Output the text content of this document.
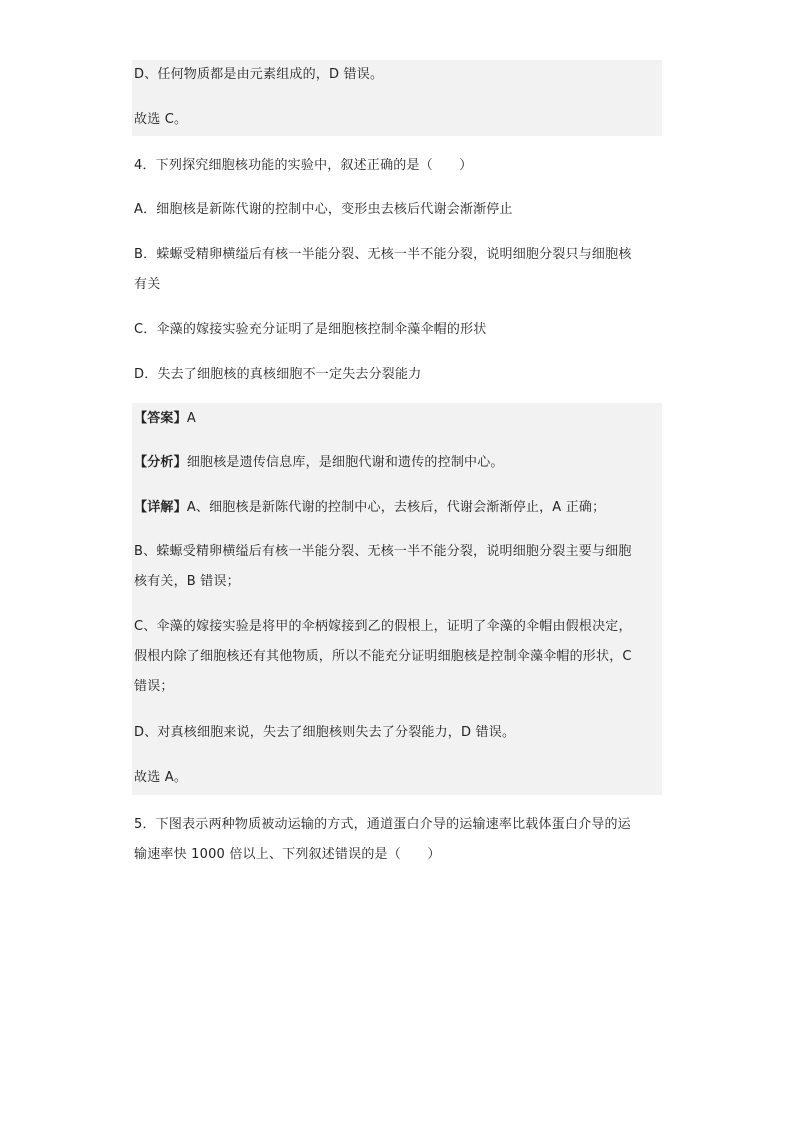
D、任何物质都是由元素组成的，D 错误。
故选 C。
4．下列探究细胞核功能的实验中，叙述正确的是（　　）
A．细胞核是新陈代谢的控制中心，变形虫去核后代谢会渐渐停止
B．蝾螈受精卵横缢后有核一半能分裂、无核一半不能分裂，说明细胞分裂只与细胞核
有关
C．伞藻的嫁接实验充分证明了是细胞核控制伞藻伞帽的形状
D．失去了细胞核的真核细胞不一定失去分裂能力
【答案】A
【分析】细胞核是遗传信息库，是细胞代谢和遗传的控制中心。
【详解】A、细胞核是新陈代谢的控制中心，去核后，代谢会渐渐停止，A 正确；
B、蝾螈受精卵横缢后有核一半能分裂、无核一半不能分裂，说明细胞分裂主要与细胞
核有关，B 错误；
C、伞藻的嫁接实验是将甲的伞柄嫁接到乙的假根上，证明了伞藻的伞帽由假根决定，
假根内除了细胞核还有其他物质，所以不能充分证明细胞核是控制伞藻伞帽的形状，C
错误；
D、对真核细胞来说，失去了细胞核则失去了分裂能力，D 错误。
故选 A。
5．下图表示两种物质被动运输的方式，通道蛋白介导的运输速率比载体蛋白介导的运
输速率快 1000 倍以上、下列叙述错误的是（　　）
